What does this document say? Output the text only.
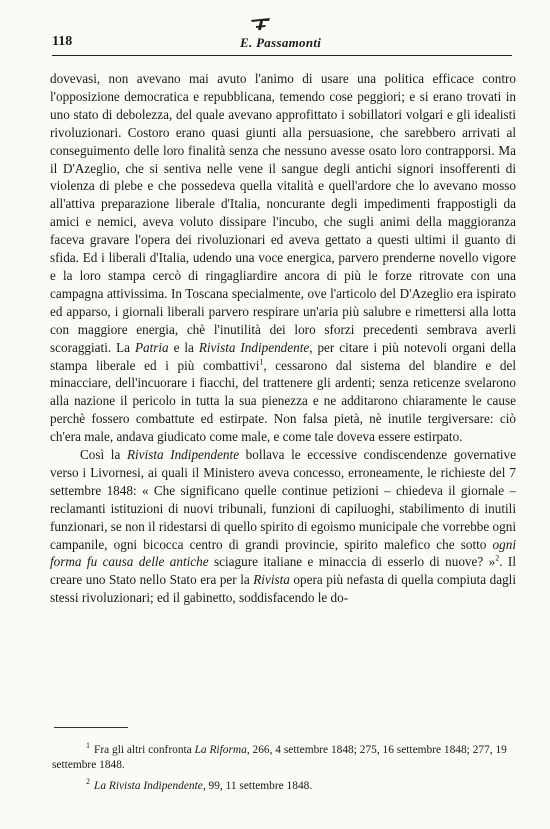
118	E. Passamonti

dovevasi, non avevano mai avuto l'animo di usare una politica efficace contro l'opposizione democratica e repubblicana, temendo cose peggiori; e si erano trovati in uno stato di debolezza, del quale avevano approfittato i sobillatori volgari e gli idealisti rivoluzionari. Costoro erano quasi giunti alla persuasione, che sarebbero arrivati al conseguimento delle loro finalità senza che nessuno avesse osato loro contrapporsi. Ma il D'Azeglio, che si sentiva nelle vene il sangue degli antichi signori insofferenti di violenza di plebe e che possedeva quella vitalità e quell'ardore che lo avevano mosso all'attiva preparazione liberale d'Italia, noncurante degli impedimenti frappostigli da amici e nemici, aveva voluto dissipare l'incubo, che sugli animi della maggioranza faceva gravare l'opera dei rivoluzionari ed aveva gettato a questi ultimi il guanto di sfida. Ed i liberali d'Italia, udendo una voce energica, parvero prenderne novello vigore e la loro stampa cercò di ringagliardire ancora di più le forze ritrovate con una campagna attivissima. In Toscana specialmente, ove l'articolo del D'Azeglio era ispirato ed apparso, i giornali liberali parvero respirare un'aria più salubre e rimettersi alla lotta con maggiore energia, chè l'inutilità dei loro sforzi precedenti sembrava averli scoraggiati. La Patria e la Rivista Indipendente, per citare i più notevoli organi della stampa liberale ed i più combattivi$^1$, cessarono dal sistema del blandire e del minacciare, dell'incuorare i fiacchi, del trattenere gli ardenti; senza reticenze svelarono alla nazione il pericolo in tutta la sua pienezza e ne additarono chiaramente le cause perchè fossero combattute ed estirpate. Non falsa pietà, nè inutile tergiversare: ciò ch'era male, andava giudicato come male, e come tale doveva essere estirpato.

Così la Rivista Indipendente bollava le eccessive condiscendenze governative verso i Livornesi, ai quali il Ministero aveva concesso, erroneamente, le richieste del 7 settembre 1848: « Che significano quelle continue petizioni – chiedeva il giornale – reclamanti istituzioni di nuovi tribunali, funzioni di capiluoghi, stabilimento di inutili funzionari, se non il ridestarsi di quello spirito di egoismo municipale che vorrebbe ogni campanile, ogni bicocca centro di grandi provincie, spirito malefico che sotto ogni forma fu causa delle antiche sciagure italiane e minaccia di esserlo di nuove? »$^2$. Il creare uno Stato nello Stato era per la Rivista opera più nefasta di quella compiuta dagli stessi rivoluzionari; ed il gabinetto, soddisfacendo le do-

$^1$ Fra gli altri confronta La Riforma, 266, 4 settembre 1848; 275, 16 settembre 1848; 277, 19 settembre 1848.

$^2$ La Rivista Indipendente, 99, 11 settembre 1848.
